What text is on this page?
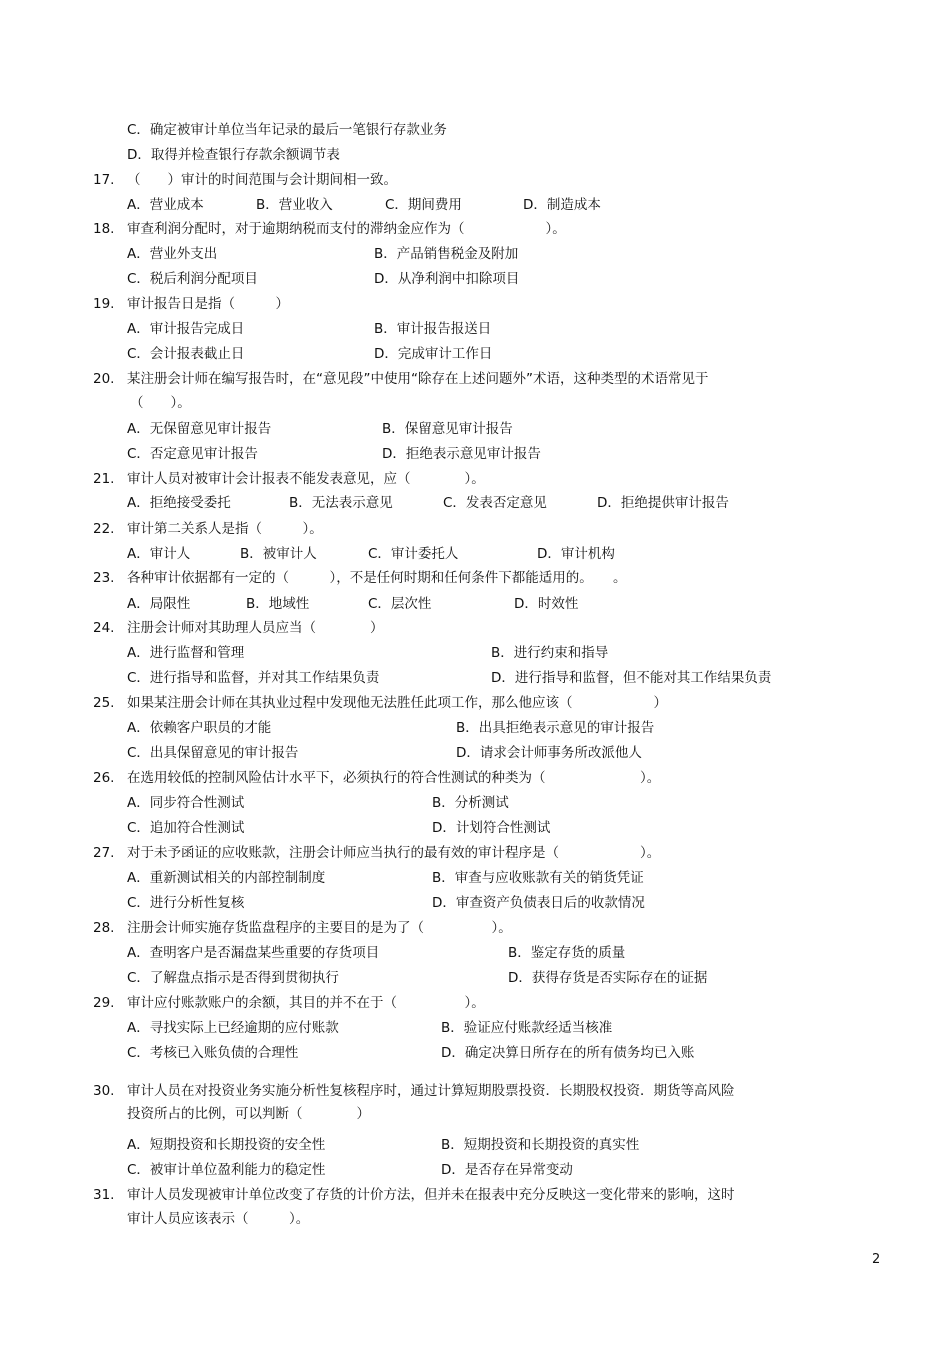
C．确定被审计单位当年记录的最后一笔银行存款业务
D．取得并检查银行存款余额调节表
17. （　　）审计的时间范围与会计期间相一致。
A．营业成本	B．营业收入	C．期间费用	D．制造成本
18. 审查利润分配时，对于逾期纳税而支付的滞纳金应作为（　　　　　　）。
A．营业外支出	B．产品销售税金及附加
C．税后利润分配项目	D．从净利润中扣除项目
19. 审计报告日是指（　　　）
A．审计报告完成日	B．审计报告报送日
C．会计报表截止日	D．完成审计工作日
20. 某注册会计师在编写报告时，在“意见段”中使用“除存在上述问题外”术语，这种类型的术语常见于
（　　）。
A．无保留意见审计报告	B．保留意见审计报告
C．否定意见审计报告	D．拒绝表示意见审计报告
21. 审计人员对被审计会计报表不能发表意见，应（　　　　）。
A．拒绝接受委托	B．无法表示意见	C．发表否定意见	D．拒绝提供审计报告
22. 审计第二关系人是指（　　　）。
A．审计人	B．被审计人	C．审计委托人	D．审计机构
23. 各种审计依据都有一定的（　　　），不是任何时期和任何条件下都能适用的。　　。
A．局限性	B．地域性	C．层次性	D．时效性
24. 注册会计师对其助理人员应当（　　　　）
A．进行监督和管理	B．进行约束和指导
C．进行指导和监督，并对其工作结果负责	D．进行指导和监督，但不能对其工作结果负责
25. 如果某注册会计师在其执业过程中发现他无法胜任此项工作，那么他应该（　　　　　　）
A．依赖客户职员的才能	B．出具拒绝表示意见的审计报告
C．出具保留意见的审计报告	D．请求会计师事务所改派他人
26. 在选用较低的控制风险估计水平下，必须执行的符合性测试的种类为（　　　　　　　）。
A．同步符合性测试	B．分析测试
C．追加符合性测试	D．计划符合性测试
27. 对于未予函证的应收账款，注册会计师应当执行的最有效的审计程序是（　　　　　　）。
A．重新测试相关的内部控制制度	B．审查与应收账款有关的销货凭证
C．进行分析性复核	D．审查资产负债表日后的收款情况
28. 注册会计师实施存货监盘程序的主要目的是为了（　　　　　）。
A．查明客户是否漏盘某些重要的存货项目	B．鉴定存货的质量
C．了解盘点指示是否得到贯彻执行	D．获得存货是否实际存在的证据
29. 审计应付账款账户的余额，其目的并不在于（　　　　　）。
A．寻找实际上已经逾期的应付账款	B．验证应付账款经适当核准
C．考核已入账负债的合理性	D．确定决算日所存在的所有债务均已入账
30. 审计人员在对投资业务实施分析性复核程序时，通过计算短期股票投资．长期股权投资．期货等高风险
投资所占的比例，可以判断（　　　　）
A．短期投资和长期投资的安全性	B．短期投资和长期投资的真实性
C．被审计单位盈利能力的稳定性	D．是否存在异常变动
31. 审计人员发现被审计单位改变了存货的计价方法，但并未在报表中充分反映这一变化带来的影响，这时
审计人员应该表示（　　　）。
2
